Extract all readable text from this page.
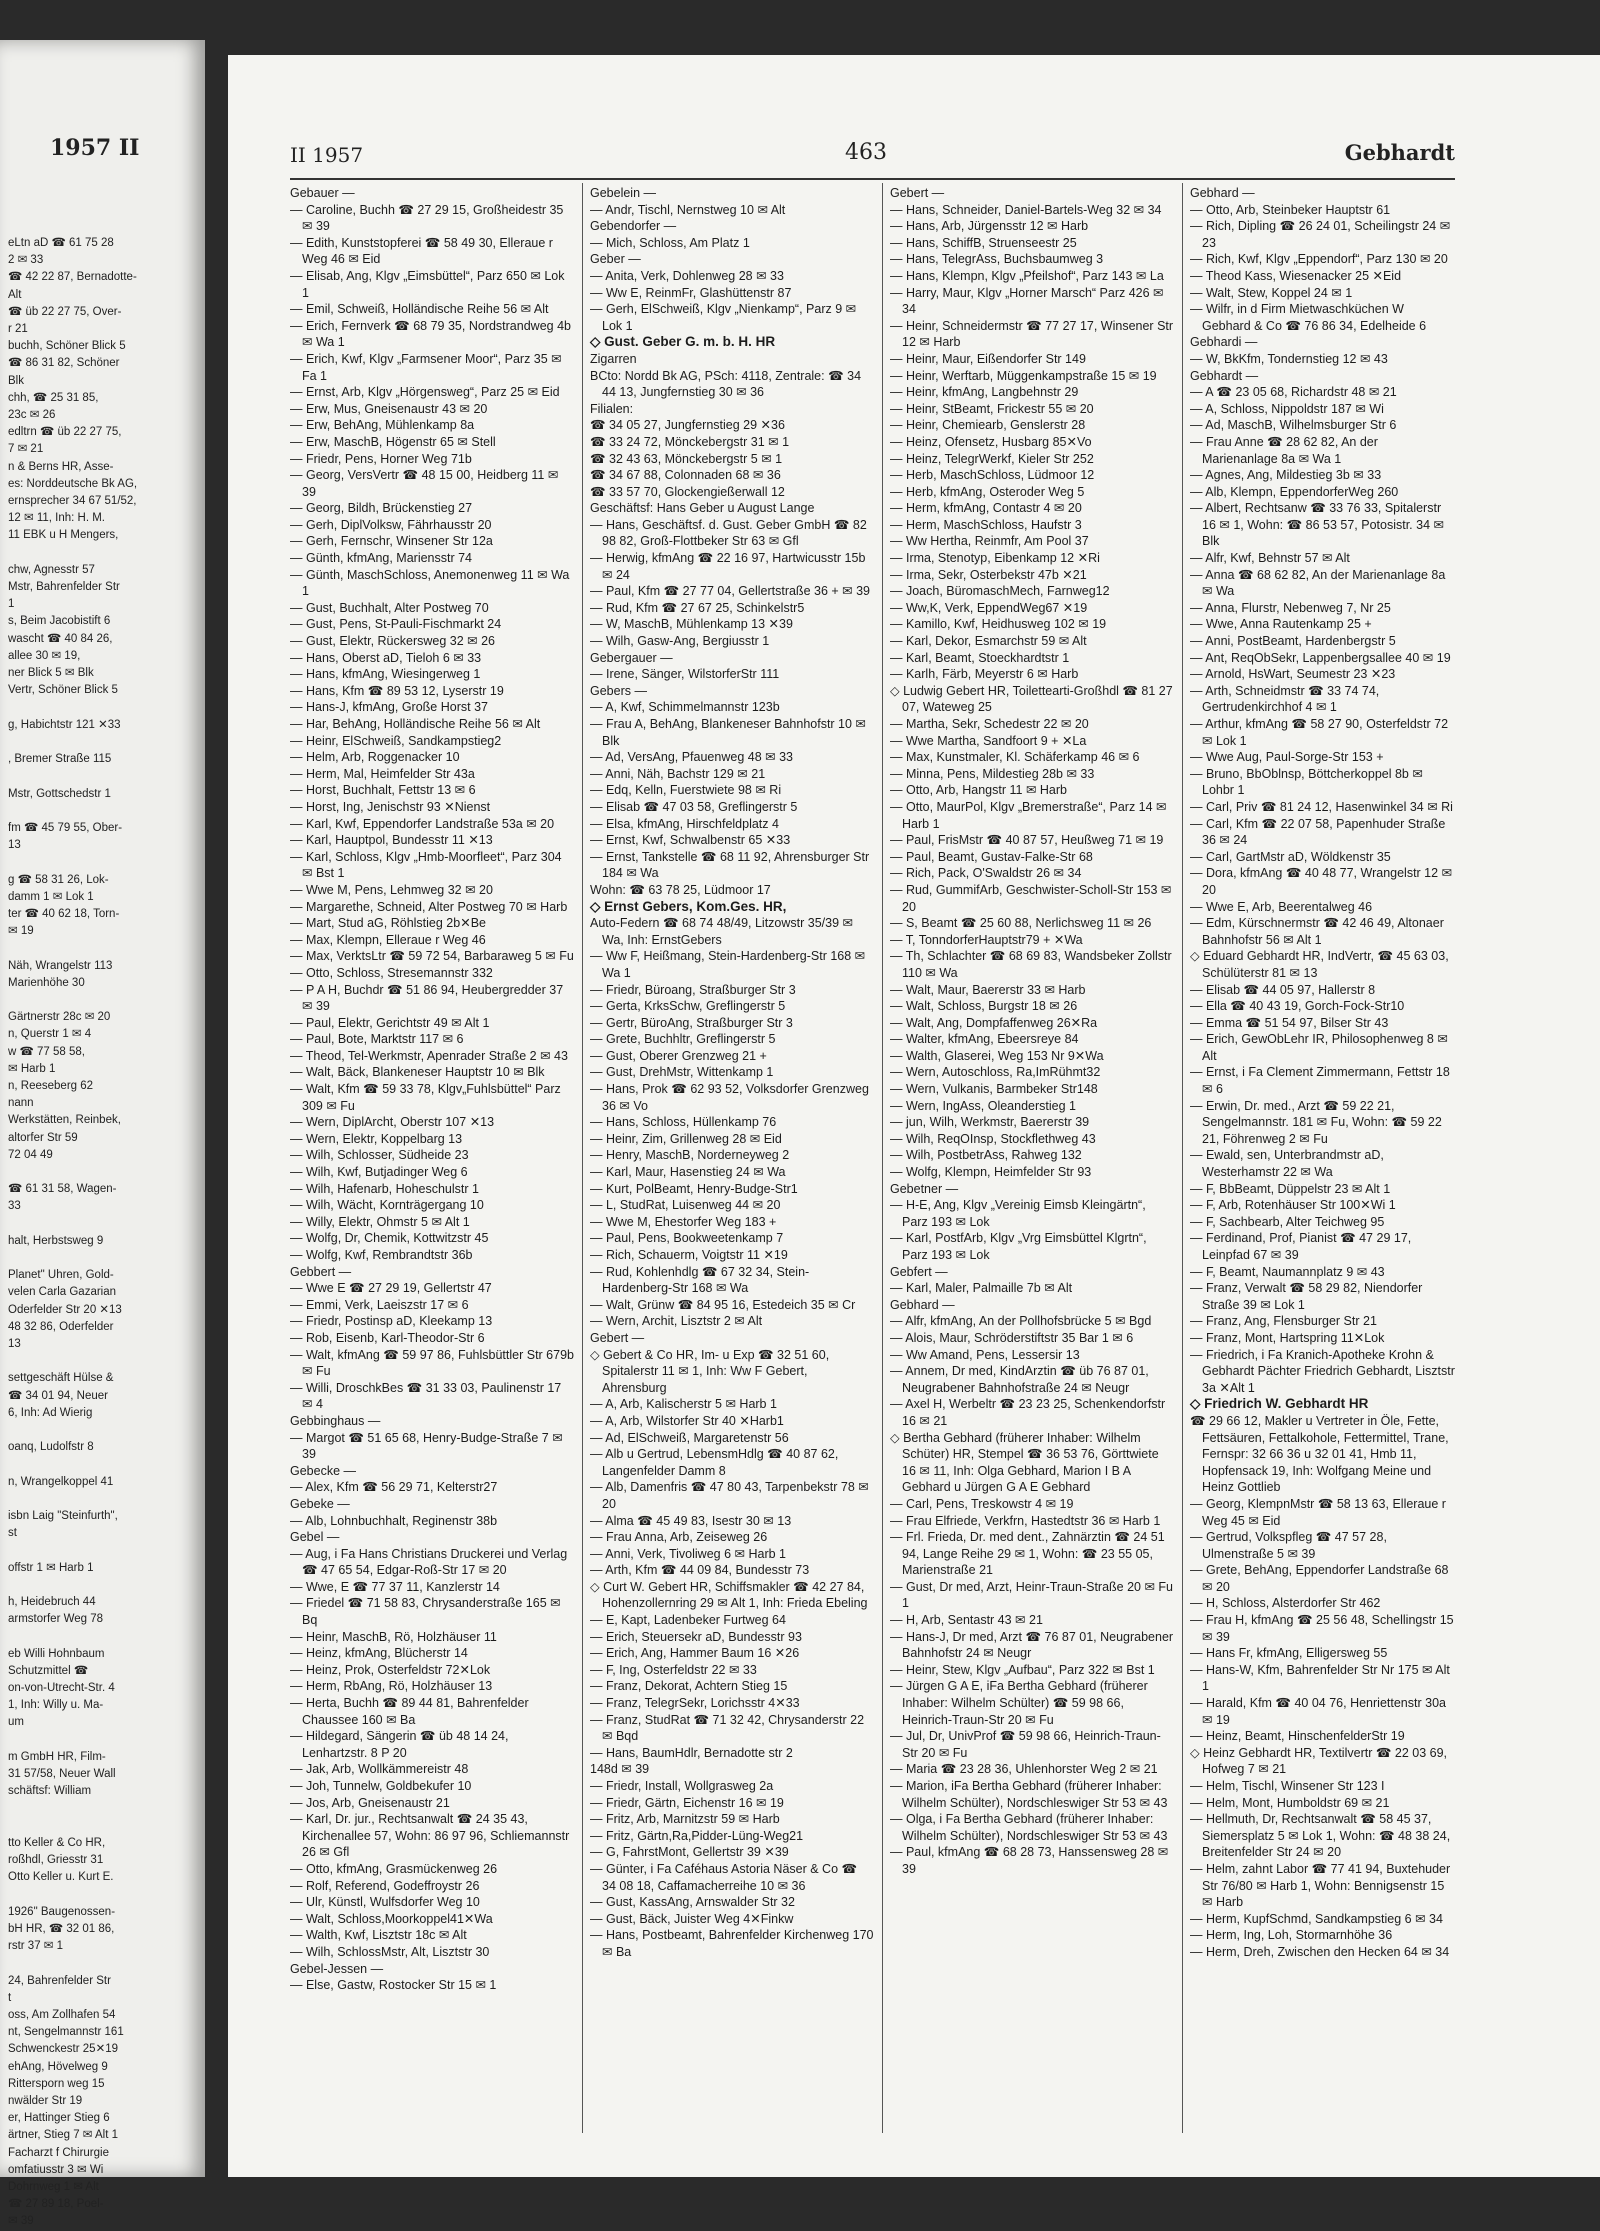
1957 II
eLtn aD ☎ 61 75 28
2 ✉ 33
☎ 42 22 87, Bernadotte-
Alt
☎ üb 22 27 75, Over-
r 21
buchh, Schöner Blick 5
☎ 86 31 82, Schöner
Blk
chh, ☎ 25 31 85,
23c ✉ 26
edltrn ☎ üb 22 27 75,
7 ✉ 21
n & Berns HR, Asse-
es: Norddeutsche Bk AG,
ernsprecher 34 67 51/52,
12 ✉ 11, Inh: H. M.
11 EBK u H Mengers,

chw, Agnesstr 57
Mstr, Bahrenfelder Str
1
s, Beim Jacobistift 6
wascht ☎ 40 84 26,
allee 30 ✉ 19,
ner Blick 5 ✉ Blk
Vertr, Schöner Blick 5

g, Habichtstr 121 ✕33

, Bremer Straße 115

Mstr, Gottschedstr 1

fm ☎ 45 79 55, Ober-
13

g ☎ 58 31 26, Lok-
damm 1 ✉ Lok 1
ter ☎ 40 62 18, Torn-
✉ 19

Näh, Wrangelstr 113
Marienhöhe 30

Gärtnerstr 28c ✉ 20
n, Querstr 1 ✉ 4
w ☎ 77 58 58,
✉ Harb 1
n, Reeseberg 62
nann
Werkstätten, Reinbek,
altorfer Str 59
72 04 49

☎ 61 31 58, Wagen-
33

halt, Herbstsweg 9

Planet" Uhren, Gold-
velen Carla Gazarian
Oderfelder Str 20 ✕13
48 32 86, Oderfelder
13

settgeschäft Hülse &
☎ 34 01 94, Neuer
6, Inh: Ad Wierig

oanq, Ludolfstr 8

n, Wrangelkoppel 41

isbn Laig "Steinfurth",
st

offstr 1 ✉ Harb 1

h, Heidebruch 44
armstorfer Weg 78

eb Willi Hohnbaum
Schutzmittel ☎
on-von-Utrecht-Str. 4
1, Inh: Willy u. Ma-
um

m GmbH HR, Film-
31 57/58, Neuer Wall
schäftsf: William

tto Keller & Co HR,
roßhdl, Griesstr 31
Otto Keller u. Kurt E.

1926" Baugenossen-
bH HR, ☎ 32 01 86,
rstr 37 ✉ 1

24, Bahrenfelder Str
t
oss, Am Zollhafen 54
nt, Sengelmannstr 161
Schwenckestr 25✕19
ehAng, Hövelweg 9
Rittersporn weg 15
nwälder Str 19
er, Hattinger Stieg 6
ärtner, Stieg 7 ✉ Alt 1
Facharzt f Chirurgie
omfatiusstr 3 ✉ Wi
Dohrnweg 1 ✉ Alt
☎ 27 89 18, Poel-
✉ 39
II 1957	463	Gebhardt
Gebauer —
— Caroline, Buchh ☎ 27 29 15, Großheidestr 35 ✉ 39
— Edith, Kunststopferei ☎ 58 49 30, Elleraue r Weg 46 ✉ Eid
— Elisab, Ang, Klgv „Eimsbüttel“, Parz 650 ✉ Lok 1
— Emil, Schweiß, Holländische Reihe 56 ✉ Alt
— Erich, Fernverk ☎ 68 79 35, Nordstrandweg 4b ✉ Wa 1
— Erich, Kwf, Klgv „Farmsener Moor“, Parz 35 ✉ Fa 1
— Ernst, Arb, Klgv „Hörgensweg“, Parz 25 ✉ Eid
— Erw, Mus, Gneisenaustr 43 ✉ 20
— Erw, BehAng, Mühlenkamp 8a
— Erw, MaschB, Högenstr 65 ✉ Stell
— Friedr, Pens, Horner Weg 71b
— Georg, VersVertr ☎ 48 15 00, Heidberg 11 ✉ 39
— Georg, Bildh, Brückenstieg 27
— Gerh, DiplVolksw, Fährhausstr 20
— Gerh, Fernschr, Winsener Str 12a
— Günth, kfmAng, Mariensstr 74
— Günth, MaschSchloss, Anemonenweg 11 ✉ Wa 1
— Gust, Buchhalt, Alter Postweg 70
— Gust, Pens, St-Pauli-Fischmarkt 24
— Gust, Elektr, Rückersweg 32 ✉ 26
— Hans, Oberst aD, Tieloh 6 ✉ 33
— Hans, kfmAng, Wiesingerweg 1
— Hans, Kfm ☎ 89 53 12, Lyserstr 19
— Hans-J, kfmAng, Große Horst 37
— Har, BehAng, Holländische Reihe 56 ✉ Alt
— Heinr, ElSchweiß, Sandkampstieg2
— Helm, Arb, Roggenacker 10
— Herm, Mal, Heimfelder Str 43a
— Horst, Buchhalt, Fettstr 13 ✉ 6
— Horst, Ing, Jenischstr 93 ✕Nienst
— Karl, Kwf, Eppendorfer Landstraße 53a ✉ 20
— Karl, Hauptpol, Bundesstr 11 ✕13
— Karl, Schloss, Klgv „Hmb-Moorfleet“, Parz 304 ✉ Bst 1
— Wwe M, Pens, Lehmweg 32 ✉ 20
— Margarethe, Schneid, Alter Postweg 70 ✉ Harb
— Mart, Stud aG, Röhlstieg 2b✕Be
— Max, Klempn, Elleraue r Weg 46
— Max, VerktsLtr ☎ 59 72 54, Barbaraweg 5 ✉ Fu
— Otto, Schloss, Stresemannstr 332
— P A H, Buchdr ☎ 51 86 94, Heubergredder 37 ✉ 39
— Paul, Elektr, Gerichtstr 49 ✉ Alt 1
— Paul, Bote, Marktstr 117 ✉ 6
— Theod, Tel-Werkmstr, Apenrader Straße 2 ✉ 43
— Walt, Bäck, Blankeneser Hauptstr 10 ✉ Blk
— Walt, Kfm ☎ 59 33 78, Klgv„Fuhlsbüttel“ Parz 309 ✉ Fu
— Wern, DiplArcht, Oberstr 107 ✕13
— Wern, Elektr, Koppelbarg 13
— Wilh, Schlosser, Südheide 23
— Wilh, Kwf, Butjadinger Weg 6
— Wilh, Hafenarb, Hoheschulstr 1
— Wilh, Wächt, Kornträgergang 10
— Willy, Elektr, Ohmstr 5 ✉ Alt 1
— Wolfg, Dr, Chemik, Kottwitzstr 45
— Wolfg, Kwf, Rembrandtstr 36b
Gebbert —
— Wwe E ☎ 27 29 19, Gellertstr 47
— Emmi, Verk, Laeiszstr 17 ✉ 6
— Friedr, Postinsp aD, Kleekamp 13
— Rob, Eisenb, Karl-Theodor-Str 6
— Walt, kfmAng ☎ 59 97 86, Fuhlsbüttler Str 679b ✉ Fu
— Willi, DroschkBes ☎ 31 33 03, Paulinenstr 17 ✉ 4
Gebbinghaus —
— Margot ☎ 51 65 68, Henry-Budge-Straße 7 ✉ 39
Gebecke —
— Alex, Kfm ☎ 56 29 71, Kelterstr27
Gebeke —
— Alb, Lohnbuchhalt, Reginenstr 38b
Gebel —
— Aug, i Fa Hans Christians Druckerei und Verlag ☎ 47 65 54, Edgar-Roß-Str 17 ✉ 20
— Wwe, E ☎ 77 37 11, Kanzlerstr 14
— Friedel ☎ 71 58 83, Chrysanderstraße 165 ✉ Bq
— Heinr, MaschB, Rö, Holzhäuser 11
— Heinz, kfmAng, Blücherstr 14
— Heinz, Prok, Osterfeldstr 72✕Lok
— Herm, RbAng, Rö, Holzhäuser 13
— Herta, Buchh ☎ 89 44 81, Bahrenfelder Chaussee 160 ✉ Ba
— Hildegard, Sängerin ☎ üb 48 14 24, Lenhartzstr. 8 P 20
— Jak, Arb, Wollkämmereistr 48
— Joh, Tunnelw, Goldbekufer 10
— Jos, Arb, Gneisenaustr 21
— Karl, Dr. jur., Rechtsanwalt ☎ 24 35 43, Kirchenallee 57, Wohn: 86 97 96, Schliemannstr 26 ✉ Gfl
— Otto, kfmAng, Grasmückenweg 26
— Rolf, Referend, Godeffroystr 26
— Ulr, Künstl, Wulfsdorfer Weg 10
— Walt, Schloss,Moorkoppel41✕Wa
— Walth, Kwf, Lisztstr 18c ✉ Alt
— Wilh, SchlossMstr, Alt, Lisztstr 30
Gebel-Jessen —
— Else, Gastw, Rostocker Str 15 ✉ 1
Gebelein —
— Andr, Tischl, Nernstweg 10 ✉ Alt
Gebendorfer —
— Mich, Schloss, Am Platz 1
Geber —
— Anita, Verk, Dohlenweg 28 ✉ 33
— Ww E, ReinmFr, Glashüttenstr 87
— Gerh, ElSchweiß, Klgv „Nienkamp“, Parz 9 ✉ Lok 1
◇ Gust. Geber G. m. b. H. HR
Zigarren
BCto: Nordd Bk AG, PSch: 4118, Zentrale: ☎ 34 44 13, Jungfernstieg 30 ✉ 36
Filialen:
☎ 34 05 27, Jungfernstieg 29 ✕36
☎ 33 24 72, Mönckebergstr 31 ✉ 1
☎ 32 43 63, Mönckebergstr 5 ✉ 1
☎ 34 67 88, Colonnaden 68 ✉ 36
☎ 33 57 70, Glockengießerwall 12
Geschäftsf: Hans Geber u August Lange
— Hans, Geschäftsf. d. Gust. Geber GmbH ☎ 82 98 82, Groß-Flottbeker Str 63 ✉ Gfl
— Herwig, kfmAng ☎ 22 16 97, Hartwicusstr 15b ✉ 24
— Paul, Kfm ☎ 27 77 04, Gellertstraße 36 + ✉ 39
— Rud, Kfm ☎ 27 67 25, Schinkelstr5
— W, MaschB, Mühlenkamp 13 ✕39
— Wilh, Gasw-Ang, Bergiusstr 1
Gebergauer —
— Irene, Sänger, WilstorferStr 111
Gebers —
— A, Kwf, Schimmelmannstr 123b
— Frau A, BehAng, Blankeneser Bahnhofstr 10 ✉ Blk
— Ad, VersAng, Pfauenweg 48 ✉ 33
— Anni, Näh, Bachstr 129 ✉ 21
— Edq, Kelln, Fuerstwiete 98 ✉ Ri
— Elisab ☎ 47 03 58, Greflingerstr 5
— Elsa, kfmAng, Hirschfeldplatz 4
— Ernst, Kwf, Schwalbenstr 65 ✕33
— Ernst, Tankstelle ☎ 68 11 92, Ahrensburger Str 184 ✉ Wa
Wohn: ☎ 63 78 25, Lüdmoor 17
◇ Ernst Gebers, Kom.Ges. HR,
Auto-Federn ☎ 68 74 48/49, Litzowstr 35/39 ✉ Wa, Inh: ErnstGebers
— Ww F, Heißmang, Stein-Hardenberg-Str 168 ✉ Wa 1
— Friedr, Büroang, Straßburger Str 3
— Gerta, KrksSchw, Greflingerstr 5
— Gertr, BüroAng, Straßburger Str 3
— Grete, Buchhltr, Greflingerstr 5
— Gust, Oberer Grenzweg 21 +
— Gust, DrehMstr, Wittenkamp 1
— Hans, Prok ☎ 62 93 52, Volksdorfer Grenzweg 36 ✉ Vo
— Hans, Schloss, Hüllenkamp 76
— Heinr, Zim, Grillenweg 28 ✉ Eid
— Henry, MaschB, Norderneyweg 2
— Karl, Maur, Hasenstieg 24 ✉ Wa
— Kurt, PolBeamt, Henry-Budge-Str1
— L, StudRat, Luisenweg 44 ✉ 20
— Wwe M, Ehestorfer Weg 183 +
— Paul, Pens, Bookweetenkamp 7
— Rich, Schauerm, Voigtstr 11 ✕19
— Rud, Kohlenhdlg ☎ 67 32 34, Stein-Hardenberg-Str 168 ✉ Wa
— Walt, Grünw ☎ 84 95 16, Estedeich 35 ✉ Cr
— Wern, Archit, Lisztstr 2 ✉ Alt
Gebert —
◇ Gebert & Co HR, Im- u Exp ☎ 32 51 60, Spitalerstr 11 ✉ 1, Inh: Ww F Gebert, Ahrensburg
— A, Arb, Kalischerstr 5 ✉ Harb 1
— A, Arb, Wilstorfer Str 40 ✕Harb1
— Ad, ElSchweiß, Margaretenstr 56
— Alb u Gertrud, LebensmHdlg ☎ 40 87 62, Langenfelder Damm 8
— Alb, Damenfris ☎ 47 80 43, Tarpenbekstr 78 ✉ 20
— Alma ☎ 45 49 83, Isestr 30 ✉ 13
— Frau Anna, Arb, Zeiseweg 26
— Anni, Verk, Tivoliweg 6 ✉ Harb 1
— Arth, Kfm ☎ 44 09 84, Bundesstr 73
◇ Curt W. Gebert HR, Schiffsmakler ☎ 42 27 84, Hohenzollernring 29 ✉ Alt 1, Inh: Frieda Ebeling
— E, Kapt, Ladenbeker Furtweg 64
— Erich, Steuersekr aD, Bundesstr 93
— Erich, Ang, Hammer Baum 16 ✕26
— F, Ing, Osterfeldstr 22 ✉ 33
— Franz, Dekorat, Achtern Stieg 15
— Franz, TelegrSekr, Lorichsstr 4✕33
— Franz, StudRat ☎ 71 32 42, Chrysanderstr 22 ✉ Bqd
— Hans, BaumHdlr, Bernadotte str 2
148d ✉ 39
— Friedr, Install, Wollgrasweg 2a
— Friedr, Gärtn, Eichenstr 16 ✉ 19
— Fritz, Arb, Marnitzstr 59 ✉ Harb
— Fritz, Gärtn,Ra,Pidder-Lüng-Weg21
— G, FahrstMont, Gellertstr 39 ✕39
— Günter, i Fa Caféhaus Astoria Näser & Co ☎ 34 08 18, Caffamacherreihe 10 ✉ 36
— Gust, KassAng, Arnswalder Str 32
— Gust, Bäck, Juister Weg 4✕Finkw
— Hans, Postbeamt, Bahrenfelder Kirchenweg 170 ✉ Ba
Gebert —
— Hans, Schneider, Daniel-Bartels-Weg 32 ✉ 34
— Hans, Arb, Jürgensstr 12 ✉ Harb
— Hans, SchiffB, Struenseestr 25
— Hans, TelegrAss, Buchsbaumweg 3
— Hans, Klempn, Klgv „Pfeilshof“, Parz 143 ✉ La
— Harry, Maur, Klgv „Horner Marsch“ Parz 426 ✉ 34
— Heinr, Schneidermstr ☎ 77 27 17, Winsener Str 12 ✉ Harb
— Heinr, Maur, Eißendorfer Str 149
— Heinr, Werftarb, Müggenkampstraße 15 ✉ 19
— Heinr, kfmAng, Langbehnstr 29
— Heinr, StBeamt, Frickestr 55 ✉ 20
— Heinr, Chemiearb, Genslerstr 28
— Heinz, Ofensetz, Husbarg 85✕Vo
— Heinz, TelegrWerkf, Kieler Str 252
— Herb, MaschSchloss, Lüdmoor 12
— Herb, kfmAng, Osteroder Weg 5
— Herm, kfmAng, Contastr 4 ✉ 20
— Herm, MaschSchloss, Haufstr 3
— Ww Hertha, Reinmfr, Am Pool 37
— Irma, Stenotyp, Eibenkamp 12 ✕Ri
— Irma, Sekr, Osterbekstr 47b ✕21
— Joach, BüromaschMech, Farnweg12
— Ww,K, Verk, EppendWeg67 ✕19
— Kamillo, Kwf, Heidhusweg 102 ✉ 19
— Karl, Dekor, Esmarchstr 59 ✉ Alt
— Karl, Beamt, Stoeckhardtstr 1
— Karlh, Färb, Meyerstr 6 ✉ Harb
◇ Ludwig Gebert HR, Toilettearti-Großhdl ☎ 81 27 07, Wateweg 25
— Martha, Sekr, Schedestr 22 ✉ 20
— Wwe Martha, Sandfoort 9 + ✕La
— Max, Kunstmaler, Kl. Schäferkamp 46 ✉ 6
— Minna, Pens, Mildestieg 28b ✉ 33
— Otto, Arb, Hangstr 11 ✉ Harb
— Otto, MaurPol, Klgv „Bremerstraße“, Parz 14 ✉ Harb 1
— Paul, FrisMstr ☎ 40 87 57, Heußweg 71 ✉ 19
— Paul, Beamt, Gustav-Falke-Str 68
— Rich, Pack, O'Swaldstr 26 ✉ 34
— Rud, GummifArb, Geschwister-Scholl-Str 153 ✉ 20
— S, Beamt ☎ 25 60 88, Nerlichsweg 11 ✉ 26
— T, TonndorferHauptstr79 + ✕Wa
— Th, Schlachter ☎ 68 69 83, Wandsbeker Zollstr 110 ✉ Wa
— Walt, Maur, Baererstr 33 ✉ Harb
— Walt, Schloss, Burgstr 18 ✉ 26
— Walt, Ang, Dompfaffenweg 26✕Ra
— Walter, kfmAng, Ebeersreye 84
— Walth, Glaserei, Weg 153 Nr 9✕Wa
— Wern, Autoschloss, Ra,ImRühmt32
— Wern, Vulkanis, Barmbeker Str148
— Wern, IngAss, Oleanderstieg 1
— jun, Wilh, Werkmstr, Baererstr 39
— Wilh, ReqOInsp, Stockflethweg 43
— Wilh, PostbetrAss, Rahweg 132
— Wolfg, Klempn, Heimfelder Str 93
Gebetner —
— H-E, Ang, Klgv „Vereinig Eimsb Kleingärtn“, Parz 193 ✉ Lok
— Karl, PostfArb, Klgv „Vrg Eimsbüttel Klgrtn“, Parz 193 ✉ Lok
Gebfert —
— Karl, Maler, Palmaille 7b ✉ Alt
Gebhard —
— Alfr, kfmAng, An der Pollhofsbrücke 5 ✉ Bgd
— Alois, Maur, Schröderstiftstr 35 Bar 1 ✉ 6
— Ww Amand, Pens, Lessersir 13
— Annem, Dr med, KindArztin ☎ üb 76 87 01, Neugrabener Bahnhofstraße 24 ✉ Neugr
— Axel H, Werbeltr ☎ 23 23 25, Schenkendorfstr 16 ✉ 21
◇ Bertha Gebhard (früherer Inhaber: Wilhelm Schüter) HR, Stempel ☎ 36 53 76, Görttwiete 16 ✉ 11, Inh: Olga Gebhard, Marion I B A Gebhard u Jürgen G A E Gebhard
— Carl, Pens, Treskowstr 4 ✉ 19
— Frau Elfriede, Verkfrn, Hastedtstr 36 ✉ Harb 1
— Frl. Frieda, Dr. med dent., Zahnärztin ☎ 24 51 94, Lange Reihe 29 ✉ 1, Wohn: ☎ 23 55 05, Marienstraße 21
— Gust, Dr med, Arzt, Heinr-Traun-Straße 20 ✉ Fu 1
— H, Arb, Sentastr 43 ✉ 21
— Hans-J, Dr med, Arzt ☎ 76 87 01, Neugrabener Bahnhofstr 24 ✉ Neugr
— Heinr, Stew, Klgv „Aufbau“, Parz 322 ✉ Bst 1
— Jürgen G A E, iFa Bertha Gebhard (früherer Inhaber: Wilhelm Schülter) ☎ 59 98 66, Heinrich-Traun-Str 20 ✉ Fu
— Jul, Dr, UnivProf ☎ 59 98 66, Heinrich-Traun-Str 20 ✉ Fu
— Maria ☎ 23 28 36, Uhlenhorster Weg 2 ✉ 21
— Marion, iFa Bertha Gebhard (früherer Inhaber: Wilhelm Schülter), Nordschleswiger Str 53 ✉ 43
— Olga, i Fa Bertha Gebhard (früherer Inhaber: Wilhelm Schülter), Nordschleswiger Str 53 ✉ 43
— Paul, kfmAng ☎ 68 28 73, Hanssensweg 28 ✉ 39
Gebhard —
— Otto, Arb, Steinbeker Hauptstr 61
— Rich, Dipling ☎ 26 24 01, Scheilingstr 24 ✉ 23
— Rich, Kwf, Klgv „Eppendorf“, Parz 130 ✉ 20
— Theod Kass, Wiesenacker 25 ✕Eid
— Walt, Stew, Koppel 24 ✉ 1
— Wilfr, in d Firm Mietwaschküchen W Gebhard & Co ☎ 76 86 34, Edelheide 6
Gebhardi —
— W, BkKfm, Tondernstieg 12 ✉ 43
Gebhardt —
— A ☎ 23 05 68, Richardstr 48 ✉ 21
— A, Schloss, Nippoldstr 187 ✉ Wi
— Ad, MaschB, Wilhelmsburger Str 6
— Frau Anne ☎ 28 62 82, An der Marienanlage 8a ✉ Wa 1
— Agnes, Ang, Mildestieg 3b ✉ 33
— Alb, Klempn, EppendorferWeg 260
— Albert, Rechtsanw ☎ 33 76 33, Spitalerstr 16 ✉ 1, Wohn: ☎ 86 53 57, Potosistr. 34 ✉ Blk
— Alfr, Kwf, Behnstr 57 ✉ Alt
— Anna ☎ 68 62 82, An der Marienanlage 8a ✉ Wa
— Anna, Flurstr, Nebenweg 7, Nr 25
— Wwe, Anna Rautenkamp 25 +
— Anni, PostBeamt, Hardenbergstr 5
— Ant, ReqObSekr, Lappenbergsallee 40 ✉ 19
— Arnold, HsWart, Seumestr 23 ✕23
— Arth, Schneidmstr ☎ 33 74 74, Gertrudenkirchhof 4 ✉ 1
— Arthur, kfmAng ☎ 58 27 90, Osterfeldstr 72 ✉ Lok 1
— Wwe Aug, Paul-Sorge-Str 153 +
— Bruno, BbOblnsp, Böttcherkoppel 8b ✉ Lohbr 1
— Carl, Priv ☎ 81 24 12, Hasenwinkel 34 ✉ Ri
— Carl, Kfm ☎ 22 07 58, Papenhuder Straße 36 ✉ 24
— Carl, GartMstr aD, Wöldkenstr 35
— Dora, kfmAng ☎ 40 48 77, Wrangelstr 12 ✉ 20
— Wwe E, Arb, Beerentalweg 46
— Edm, Kürschnermstr ☎ 42 46 49, Altonaer Bahnhofstr 56 ✉ Alt 1
◇ Eduard Gebhardt HR, IndVertr, ☎ 45 63 03, Schülüterstr 81 ✉ 13
— Elisab ☎ 44 05 97, Hallerstr 8
— Ella ☎ 40 43 19, Gorch-Fock-Str10
— Emma ☎ 51 54 97, Bilser Str 43
— Erich, GewObLehr IR, Philosophenweg 8 ✉ Alt
— Ernst, i Fa Clement Zimmermann, Fettstr 18 ✉ 6
— Erwin, Dr. med., Arzt ☎ 59 22 21, Sengelmannstr. 181 ✉ Fu, Wohn: ☎ 59 22 21, Föhrenweg 2 ✉ Fu
— Ewald, sen, Unterbrandmstr aD, Westerhamstr 22 ✉ Wa
— F, BbBeamt, Düppelstr 23 ✉ Alt 1
— F, Arb, Rotenhäuser Str 100✕Wi 1
— F, Sachbearb, Alter Teichweg 95
— Ferdinand, Prof, Pianist ☎ 47 29 17, Leinpfad 67 ✉ 39
— F, Beamt, Naumannplatz 9 ✉ 43
— Franz, Verwalt ☎ 58 29 82, Niendorfer Straße 39 ✉ Lok 1
— Franz, Ang, Flensburger Str 21
— Franz, Mont, Hartspring 11✕Lok
— Friedrich, i Fa Kranich-Apotheke Krohn & Gebhardt Pächter Friedrich Gebhardt, Lisztstr 3a ✕Alt 1
◇ Friedrich W. Gebhardt HR
☎ 29 66 12, Makler u Vertreter in Öle, Fette, Fettsäuren, Fettalkohole, Fettermittel, Trane, Fernspr: 32 66 36 u 32 01 41, Hmb 11, Hopfensack 19, Inh: Wolfgang Meine und Heinz Gottlieb
— Georg, KlempnMstr ☎ 58 13 63, Elleraue r Weg 45 ✉ Eid
— Gertrud, Volkspfleg ☎ 47 57 28, Ulmenstraße 5 ✉ 39
— Grete, BehAng, Eppendorfer Landstraße 68 ✉ 20
— H, Schloss, Alsterdorfer Str 462
— Frau H, kfmAng ☎ 25 56 48, Schellingstr 15 ✉ 39
— Hans Fr, kfmAng, Elligersweg 55
— Hans-W, Kfm, Bahrenfelder Str Nr 175 ✉ Alt 1
— Harald, Kfm ☎ 40 04 76, Henriettenstr 30a ✉ 19
— Heinz, Beamt, HinschenfelderStr 19
◇ Heinz Gebhardt HR, Textilvertr ☎ 22 03 69, Hofweg 7 ✉ 21
— Helm, Tischl, Winsener Str 123 I
— Helm, Mont, Humboldstr 69 ✉ 21
— Hellmuth, Dr, Rechtsanwalt ☎ 58 45 37, Siemersplatz 5 ✉ Lok 1, Wohn: ☎ 48 38 24, Breitenfelder Str 24 ✉ 20
— Helm, zahnt Labor ☎ 77 41 94, Buxtehuder Str 76/80 ✉ Harb 1, Wohn: Bennigsenstr 15 ✉ Harb
— Herm, KupfSchmd, Sandkampstieg 6 ✉ 34
— Herm, Ing, Loh, Stormarnhöhe 36
— Herm, Dreh, Zwischen den Hecken 64 ✉ 34
